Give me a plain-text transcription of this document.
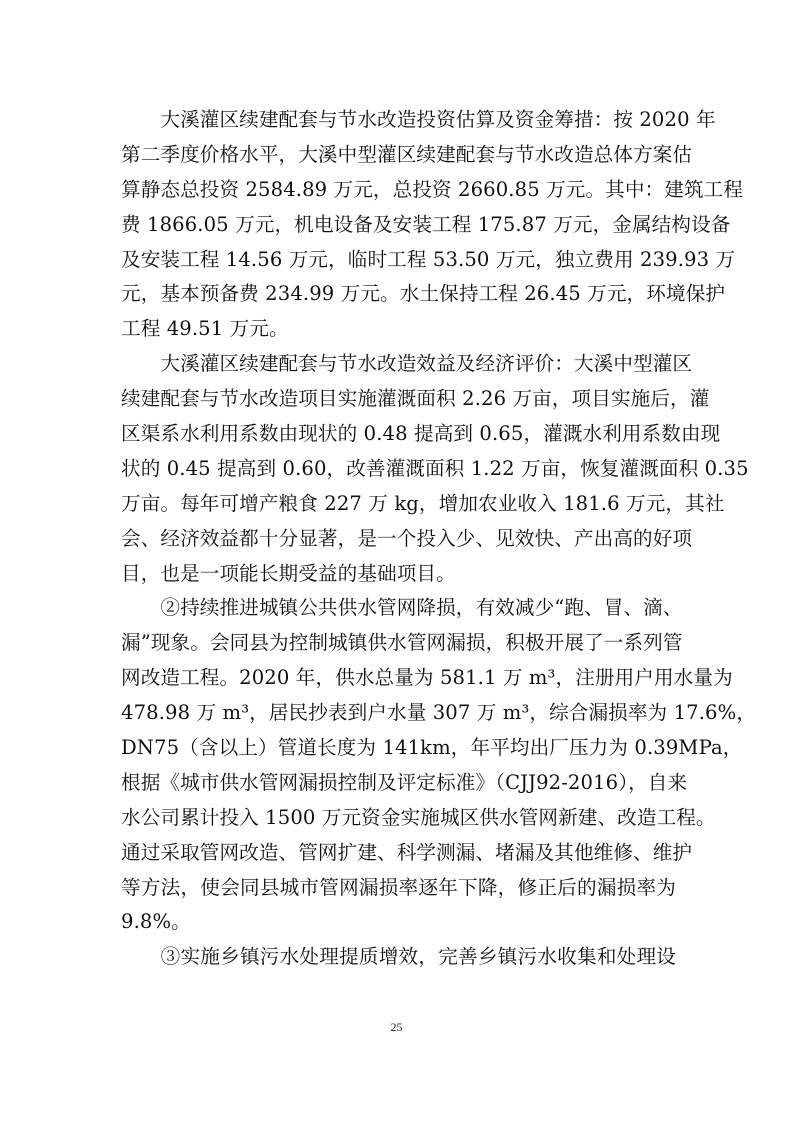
　　大溪灌区续建配套与节水改造投资估算及资金筹措：按 2020 年
第二季度价格水平，大溪中型灌区续建配套与节水改造总体方案估
算静态总投资 2584.89 万元，总投资 2660.85 万元。其中：建筑工程
费 1866.05 万元，机电设备及安装工程 175.87 万元，金属结构设备
及安装工程 14.56 万元，临时工程 53.50 万元，独立费用 239.93 万
元，基本预备费 234.99 万元。水土保持工程 26.45 万元，环境保护
工程 49.51 万元。
　　大溪灌区续建配套与节水改造效益及经济评价：大溪中型灌区
续建配套与节水改造项目实施灌溉面积 2.26 万亩，项目实施后，灌
区渠系水利用系数由现状的 0.48 提高到 0.65，灌溉水利用系数由现
状的 0.45 提高到 0.60，改善灌溉面积 1.22 万亩，恢复灌溉面积 0.35
万亩。每年可增产粮食 227 万 kg，增加农业收入 181.6 万元，其社
会、经济效益都十分显著，是一个投入少、见效快、产出高的好项
目，也是一项能长期受益的基础项目。
　　②持续推进城镇公共供水管网降损，有效减少“跑、冒、滴、
漏”现象。会同县为控制城镇供水管网漏损，积极开展了一系列管
网改造工程。2020 年，供水总量为 581.1 万 m³，注册用户用水量为
478.98 万 m³，居民抄表到户水量 307 万 m³，综合漏损率为 17.6%，
DN75（含以上）管道长度为 141km，年平均出厂压力为 0.39MPa，
根据《城市供水管网漏损控制及评定标准》（CJJ92-2016），自来
水公司累计投入 1500 万元资金实施城区供水管网新建、改造工程。
通过采取管网改造、管网扩建、科学测漏、堵漏及其他维修、维护
等方法，使会同县城市管网漏损率逐年下降，修正后的漏损率为
9.8%。
　　③实施乡镇污水处理提质增效，完善乡镇污水收集和处理设
25
